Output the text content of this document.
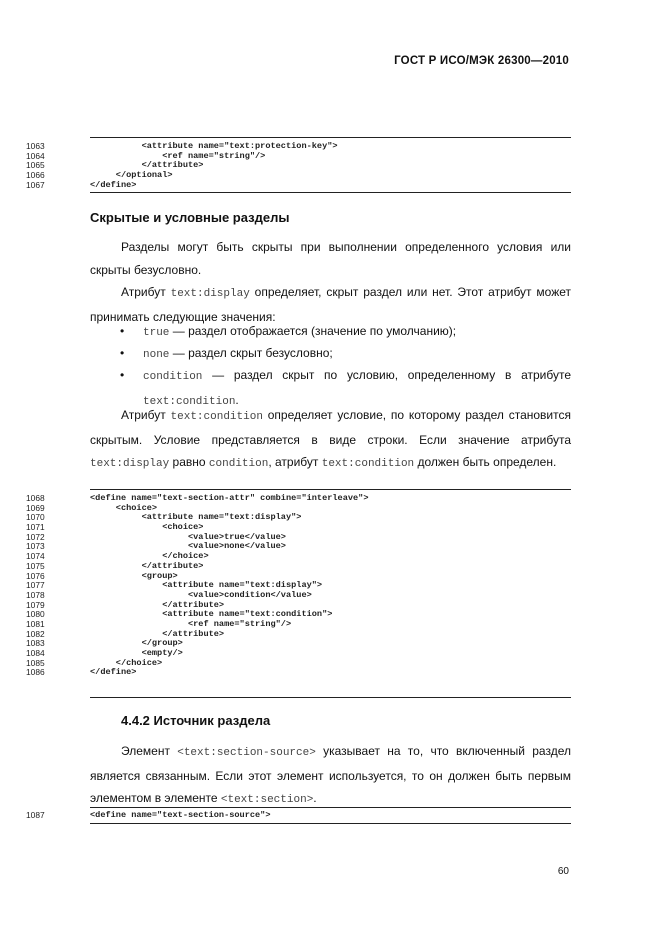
ГОСТ Р ИСО/МЭК 26300—2010
1063
1064
1065
1066
1067
<attribute name="text:protection-key">
<ref name="string"/>
</attribute>
</optional>
</define>
Скрытые и условные разделы
Разделы могут быть скрыты при выполнении определенного условия или скрыты безусловно.
Атрибут text:display определяет, скрыт раздел или нет. Этот атрибут может принимать следующие значения:
• true — раздел отображается (значение по умолчанию);
• none — раздел скрыт безусловно;
• condition — раздел скрыт по условию, определенному в атрибуте text:condition.
Атрибут text:condition определяет условие, по которому раздел становится скрытым. Условие представляется в виде строки. Если значение атрибута text:display равно condition, атрибут text:condition должен быть определен.
1068
1069
1070
1071
1072
1073
1074
1075
1076
1077
1078
1079
1080
1081
1082
1083
1084
1085
1086
<define name="text-section-attr" combine="interleave">
<choice>
<attribute name="text:display">
<choice>
<value>true</value>
<value>none</value>
</choice>
</attribute>
<group>
<attribute name="text:display">
<value>condition</value>
</attribute>
<attribute name="text:condition">
<ref name="string"/>
</attribute>
</group>
<empty/>
</choice>
</define>
4.4.2 Источник раздела
Элемент <text:section-source> указывает на то, что включенный раздел является связанным. Если этот элемент используется, то он должен быть первым элементом в элементе <text:section>.
1087	<define name="text-section-source">
60
